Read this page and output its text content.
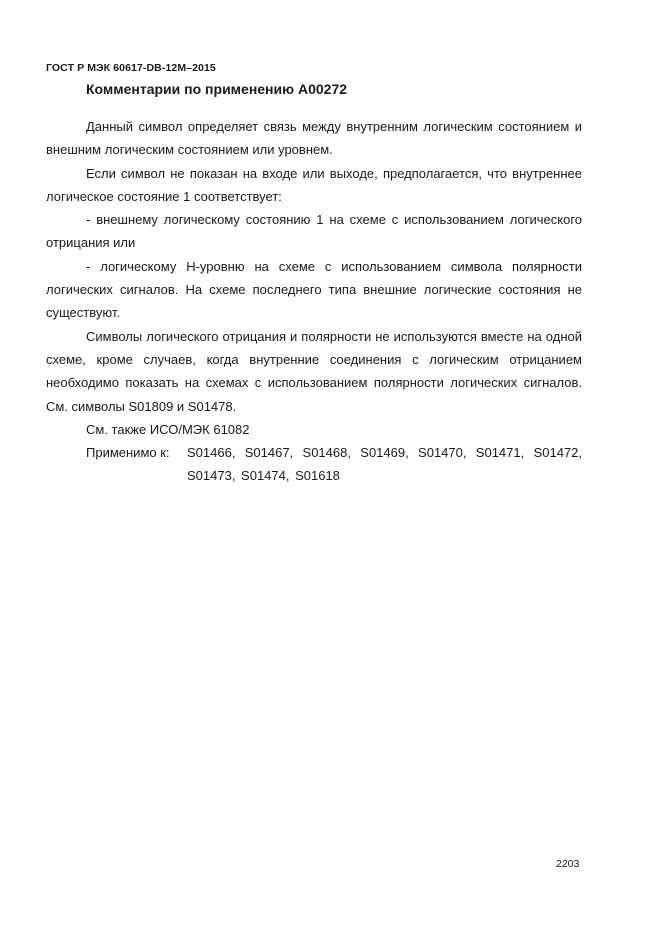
ГОСТ Р МЭК 60617-DB-12M–2015
Комментарии по применению A00272

Данный символ определяет связь между внутренним логическим состоянием и внешним логическим состоянием или уровнем.

Если символ не показан на входе или выходе, предполагается, что внутреннее логическое состояние 1 соответствует:

- внешнему логическому состоянию 1 на схеме с использованием логического отрицания или

- логическому Н-уровню на схеме с использованием символа полярности логических сигналов. На схеме последнего типа внешние логические состояния не существуют.

Символы логического отрицания и полярности не используются вместе на одной схеме, кроме случаев, когда внутренние соединения с логическим отрицанием необходимо показать на схемах с использованием полярности логических сигналов. См. символы S01809 и S01478.

См. также ИСО/МЭК 61082

Применимо к:	S01466, S01467, S01468, S01469, S01470, S01471, S01472, S01473, S01474, S01618
2203
